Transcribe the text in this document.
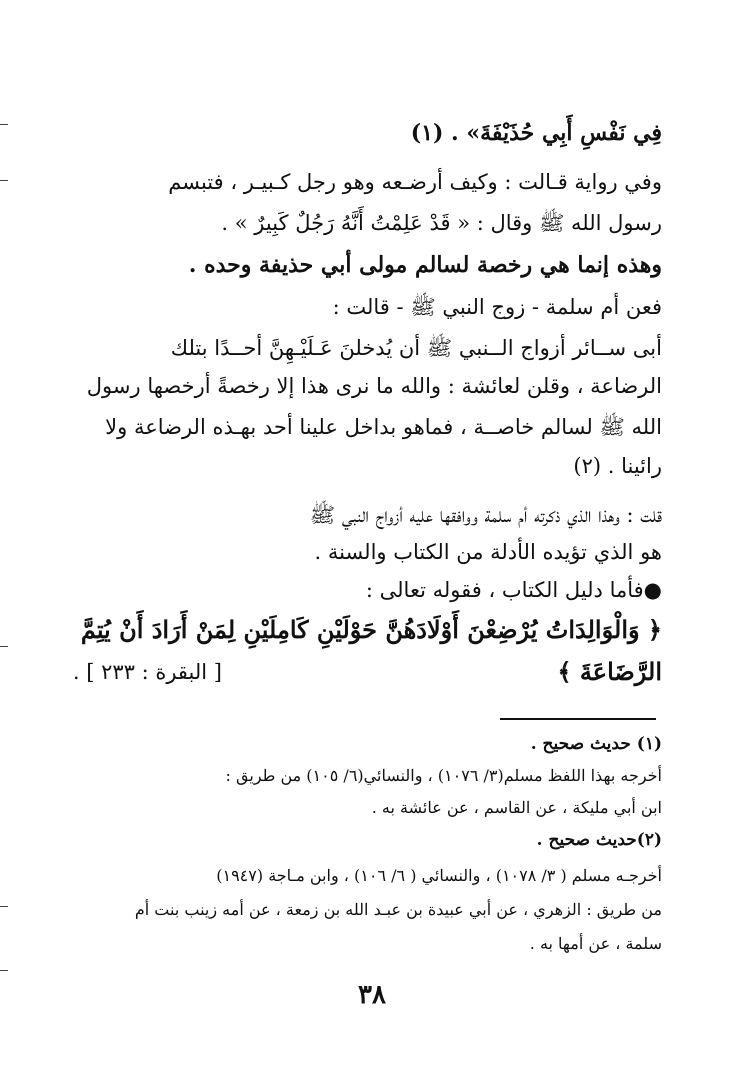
فِي نَفْسِ أَبِي حُذَيْفَةَ» . (١)
وفي رواية قـالت : وكيف أرضـعه وهو رجل كـبيـر ، فتبسم
رسول الله ﷺ وقال : « قَدْ عَلِمْتُ أَنَّهُ رَجُلٌ كَبِيرٌ » .
وهذه إنما هي رخصة لسالم مولى أبي حذيفة وحده .
فعن أم سلمة - زوج النبي ﷺ - قالت :
أبى ســائر أزواج الــنبي ﷺ أن يُدخلنَ عَـلَيْـهِنَّ أحــدًا بتلك
الرضاعة ، وقلن لعائشة : والله ما نرى هذا إلا رخصةً أرخصها رسول
الله ﷺ لسالم خاصــة ، فماهو بداخل علينا أحد بهـذه الرضاعة ولا
رائينا . (٢)
قلت : وهذا الذي ذكرته أم سلمة ووافقها عليه أزواج النبي ﷺ
هو الذي تؤيده الأدلة من الكتاب والسنة .
●فأما دليل الكتاب ، فقوله تعالى :
﴿ وَالْوَالِدَاتُ يُرْضِعْنَ أَوْلَادَهُنَّ حَوْلَيْنِ كَامِلَيْنِ لِمَنْ أَرَادَ أَنْ يُتِمَّ
الرَّضَاعَةَ ﴾
[ البقرة : ٢٣٣ ] .
(١) حديث صحيح .
أخرجه بهذا اللفظ مسلم(٣/ ١٠٧٦) ، والنسائي(٦/ ١٠٥) من طريق :
ابن أبي مليكة ، عن القاسم ، عن عائشة به .
(٢)حديث صحيح .
أخرجـه مسلم ( ٣/ ١٠٧٨) ، والنسائي ( ٦/ ١٠٦) ، وابن مـاجة (١٩٤٧)
من طريق : الزهري ، عن أبي عبيدة بن عبـد الله بن زمعة ، عن أمه زينب بنت أم
سلمة ، عن أمها به .
٣٨
